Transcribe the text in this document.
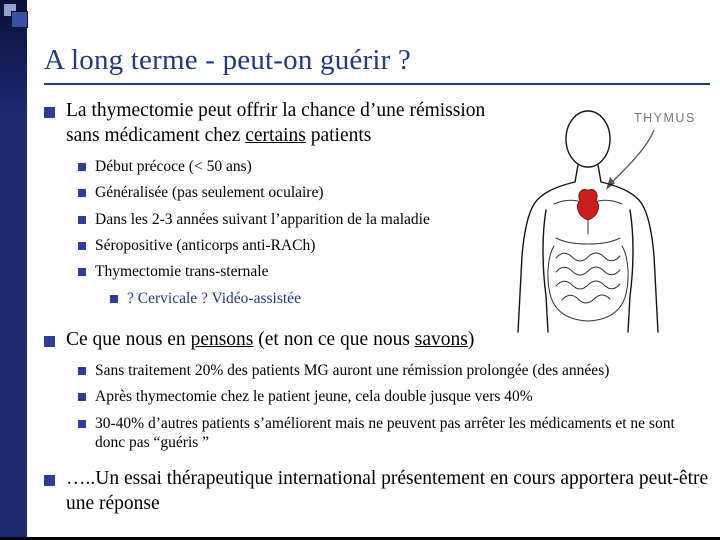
A long terme - peut-on guérir ?
La thymectomie peut offrir la chance d’une rémission sans médicament chez certains patients
Début précoce (< 50 ans)
Généralisée (pas seulement oculaire)
Dans les 2-3 années suivant l’apparition de la maladie
Séropositive (anticorps anti-RACh)
Thymectomie trans-sternale
? Cervicale ? Vidéo-assistée
Ce que nous en pensons (et non ce que nous savons)
Sans traitement 20% des patients MG auront une rémission prolongée (des années)
Après thymectomie chez le patient jeune, cela double jusque vers 40%
30-40% d’autres patients s’améliorent mais ne peuvent pas arrêter les médicaments et ne sont donc pas “guéris ”
…..Un essai thérapeutique international présentement en cours apportera peut-être une réponse
THYMUS
